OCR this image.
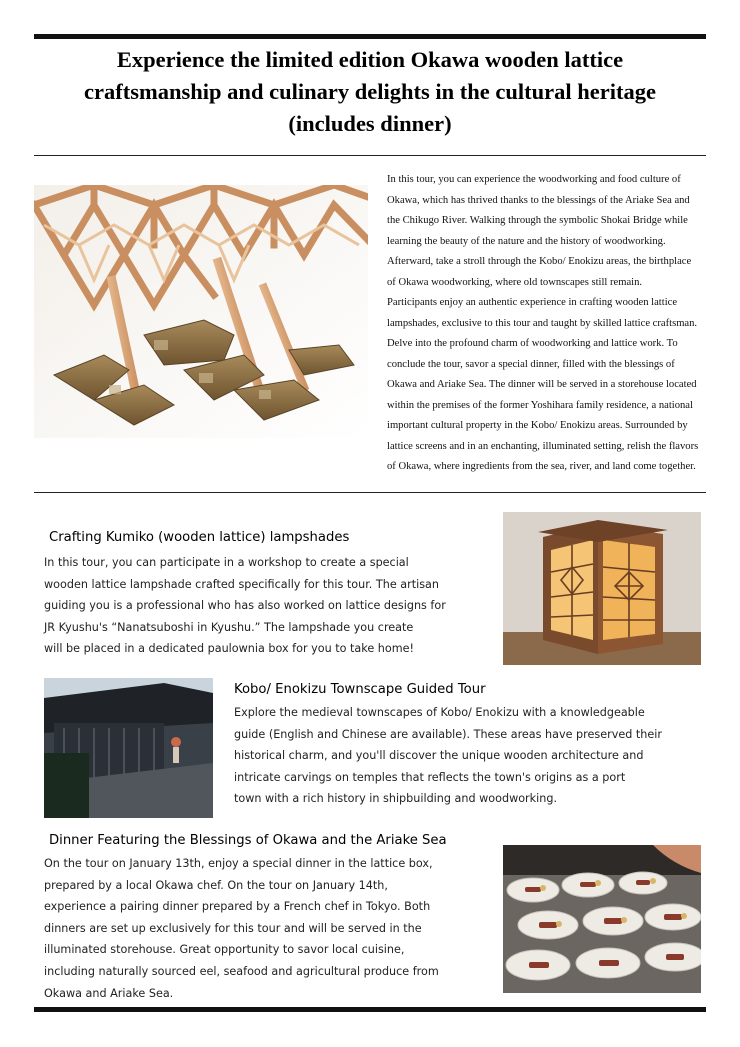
Experience the limited edition Okawa wooden lattice
craftsmanship and culinary delights in the cultural heritage
(includes dinner)
In this tour, you can experience the woodworking and food culture of
Okawa, which has thrived thanks to the blessings of the Ariake Sea and
the Chikugo River. Walking through the symbolic Shokai Bridge while
learning the beauty of the nature and the history of woodworking.
Afterward, take a stroll through the Kobo/ Enokizu areas, the birthplace
of Okawa woodworking, where old townscapes still remain.
Participants enjoy an authentic experience in crafting wooden lattice
lampshades, exclusive to this tour and taught by skilled lattice craftsman.
Delve into the profound charm of woodworking and lattice work. To
conclude the tour, savor a special dinner, filled with the blessings of
Okawa and Ariake Sea. The dinner will be served in a storehouse located
within the premises of the former Yoshihara family residence, a national
important cultural property in the Kobo/ Enokizu areas. Surrounded by
lattice screens and in an enchanting, illuminated setting, relish the flavors
of Okawa, where ingredients from the sea, river, and land come together.
Crafting Kumiko (wooden lattice) lampshades
In this tour, you can participate in a workshop to create a special
wooden lattice lampshade crafted specifically for this tour. The artisan
guiding you is a professional who has also worked on lattice designs for
JR Kyushu's “Nanatsuboshi in Kyushu.” The lampshade you create
will be placed in a dedicated paulownia box for you to take home!
Kobo/ Enokizu Townscape Guided Tour
Explore the medieval townscapes of Kobo/ Enokizu with a knowledgeable
guide (English and Chinese are available). These areas have preserved their
historical charm, and you'll discover the unique wooden architecture and
intricate carvings on temples that reflects the town's origins as a port
town with a rich history in shipbuilding and woodworking.
Dinner Featuring the Blessings of Okawa and the Ariake Sea
On the tour on January 13th, enjoy a special dinner in the lattice box,
prepared by a local Okawa chef. On the tour on January 14th,
experience a pairing dinner prepared by a French chef in Tokyo. Both
dinners are set up exclusively for this tour and will be served in the
illuminated storehouse. Great opportunity to savor local cuisine,
including naturally sourced eel, seafood and agricultural produce from
Okawa and Ariake Sea.
